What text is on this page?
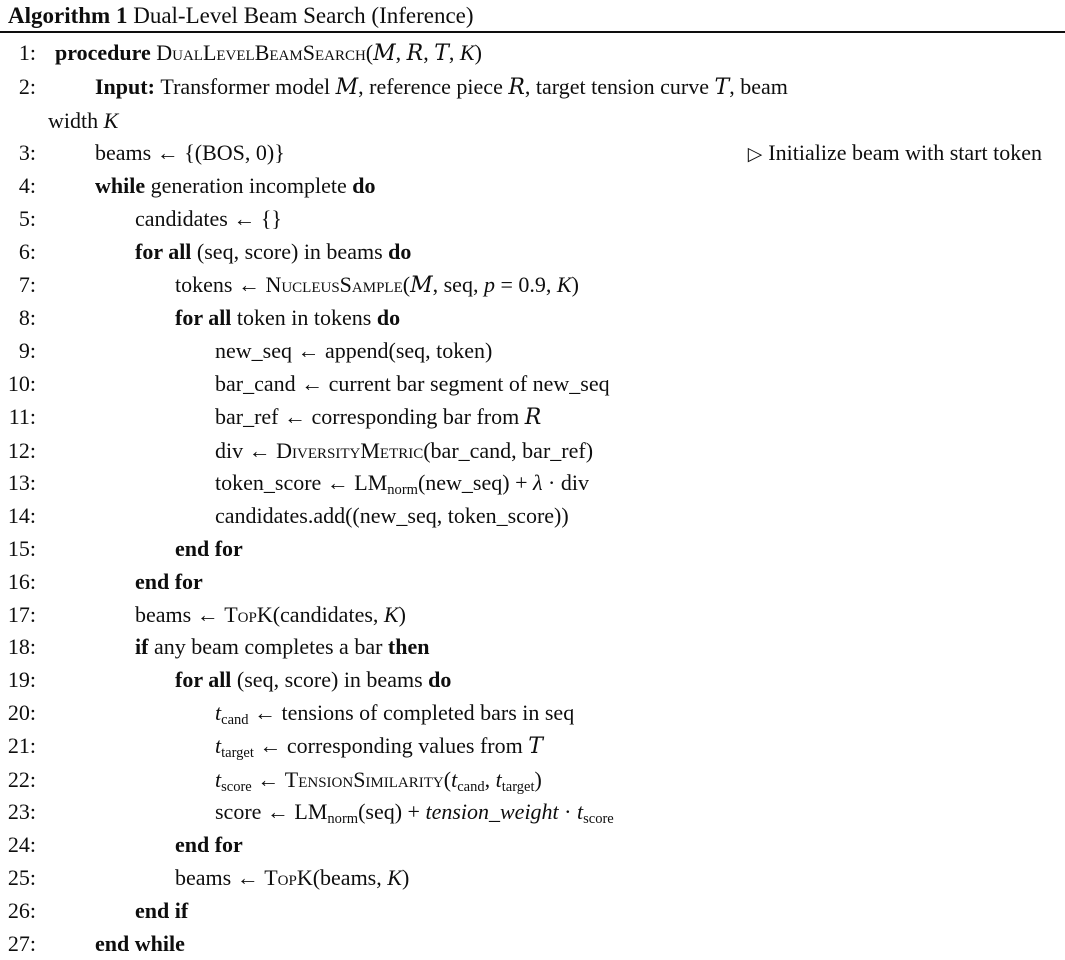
Algorithm 1 Dual-Level Beam Search (Inference)
1: procedure DualLevelBeamSearch(M, R, T, K)
2:	Input: Transformer model M, reference piece R, target tension curve T, beam
width K
3:	beams ← {(BOS, 0)}	▷ Initialize beam with start token
4:	while generation incomplete do
5:	candidates ← {}
6:	for all (seq, score) in beams do
7:	tokens ← NucleusSample(M, seq, p = 0.9, K)
8:	for all token in tokens do
9:	new_seq ← append(seq, token)
10:	bar_cand ← current bar segment of new_seq
11:	bar_ref ← corresponding bar from R
12:	div ← DiversityMetric(bar_cand, bar_ref)
13:	token_score ← $LM_{norm}(new\_seq) + \lambda$ · div
14:	candidates.add((new_seq, token_score))
15:	end for
16:	end for
17:	beams ← TopK(candidates, K)
18:	if any beam completes a bar then
19:	for all (seq, score) in beams do
20:	$t_{cand}$ ← tensions of completed bars in seq
21:	$t_{target}$ ← corresponding values from T
22:	$t_{score}$ ← $TensionSimilarity(t_{cand}$, $t_{target}$)
23:	score ← $LM_{norm}(seq)$ + tension_weight · $t_{score}$
24:	end for
25:	beams ← TopK(beams, K)
26:	end if
27:	end while
